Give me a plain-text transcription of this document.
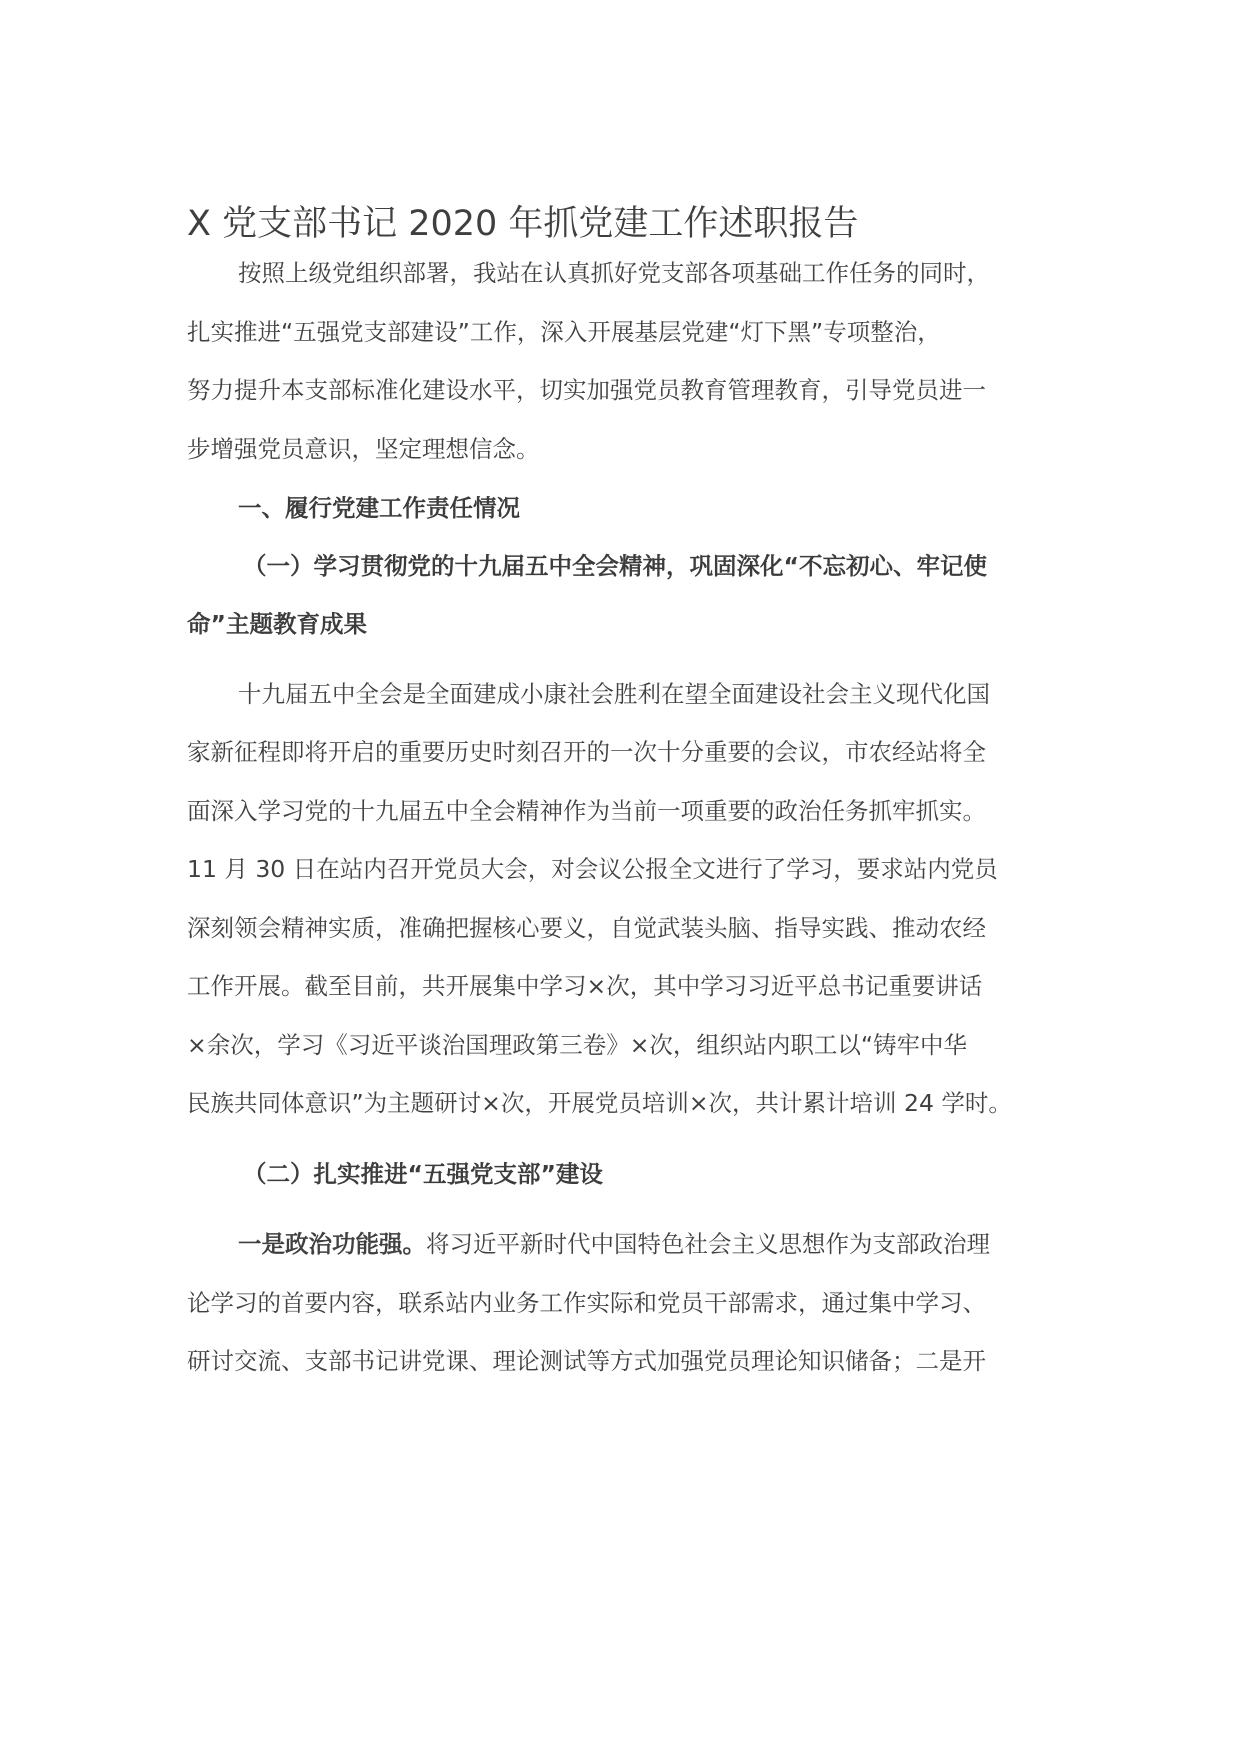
X 党支部书记 2020 年抓党建工作述职报告
按照上级党组织部署，我站在认真抓好党支部各项基础工作任务的同时，
扎实推进“五强党支部建设”工作，深入开展基层党建“灯下黑”专项整治，
努力提升本支部标准化建设水平，切实加强党员教育管理教育，引导党员进一
步增强党员意识，坚定理想信念。
一、履行党建工作责任情况
（一）学习贯彻党的十九届五中全会精神，巩固深化“不忘初心、牢记使
命”主题教育成果
十九届五中全会是全面建成小康社会胜利在望全面建设社会主义现代化国
家新征程即将开启的重要历史时刻召开的一次十分重要的会议，市农经站将全
面深入学习党的十九届五中全会精神作为当前一项重要的政治任务抓牢抓实。
11 月 30 日在站内召开党员大会，对会议公报全文进行了学习，要求站内党员
深刻领会精神实质，准确把握核心要义，自觉武装头脑、指导实践、推动农经
工作开展。截至目前，共开展集中学习×次，其中学习习近平总书记重要讲话
×余次，学习《习近平谈治国理政第三卷》×次，组织站内职工以“铸牢中华
民族共同体意识”为主题研讨×次，开展党员培训×次，共计累计培训 24 学时。
（二）扎实推进“五强党支部”建设
一是政治功能强。将习近平新时代中国特色社会主义思想作为支部政治理
论学习的首要内容，联系站内业务工作实际和党员干部需求，通过集中学习、
研讨交流、支部书记讲党课、理论测试等方式加强党员理论知识储备；二是开
